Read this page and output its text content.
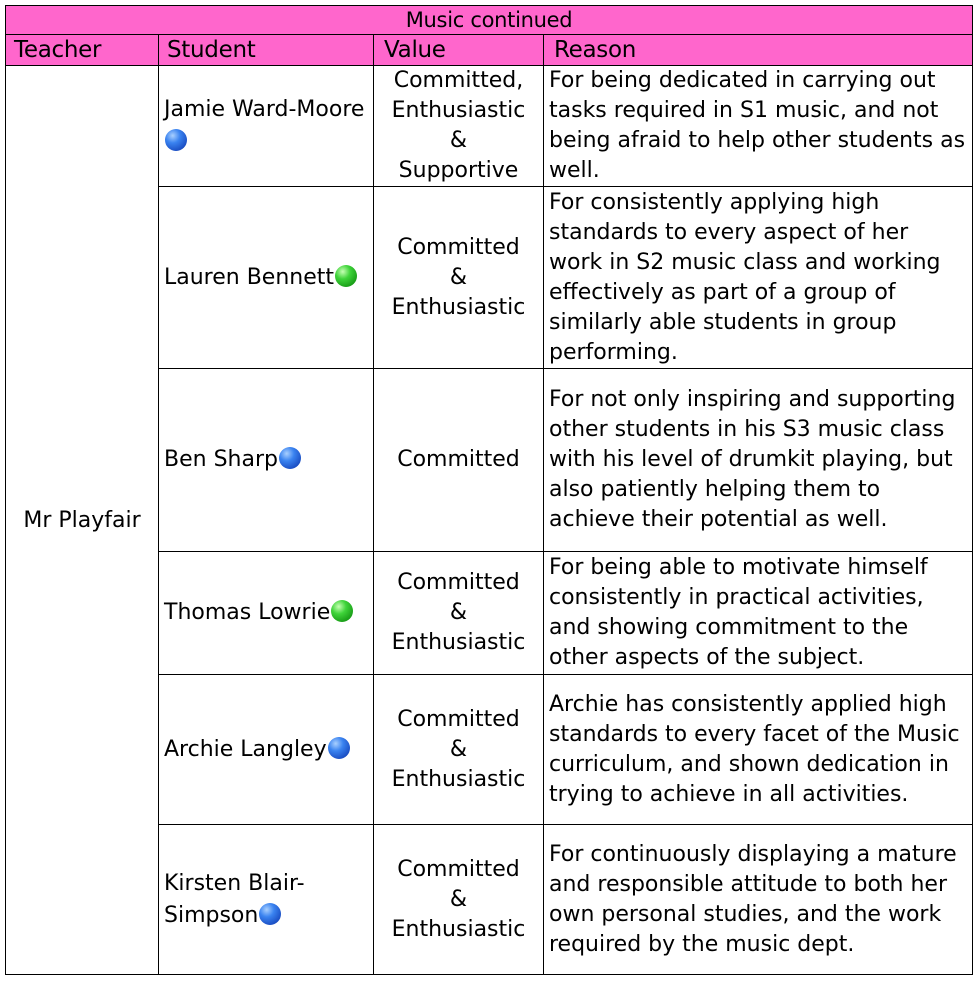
Music continued			
Teacher	Student	Value	Reason
Mr Playfair	Jamie Ward-Moore	Committed,
Enthusiastic
&
Supportive	For being dedicated in carrying out tasks required in S1 music, and not being afraid to help other students as well.
	Lauren Bennett	Committed
&
Enthusiastic	For consistently applying high standards to every aspect of her work in S2 music class and working effectively as part of a group of similarly able students in group performing.
	Ben Sharp	Committed	For not only inspiring and supporting other students in his S3 music class with his level of drumkit playing, but also patiently helping them to achieve their potential as well.
	Thomas Lowrie	Committed
&
Enthusiastic	For being able to motivate himself consistently in practical activities, and showing commitment to the other aspects of the subject.
	Archie Langley	Committed
&
Enthusiastic	Archie has consistently applied high standards to every facet of the Music curriculum, and shown dedication in trying to achieve in all activities.
	Kirsten Blair-Simpson	Committed
&
Enthusiastic	For continuously displaying a mature and responsible attitude to both her own personal studies, and the work required by the music dept.
